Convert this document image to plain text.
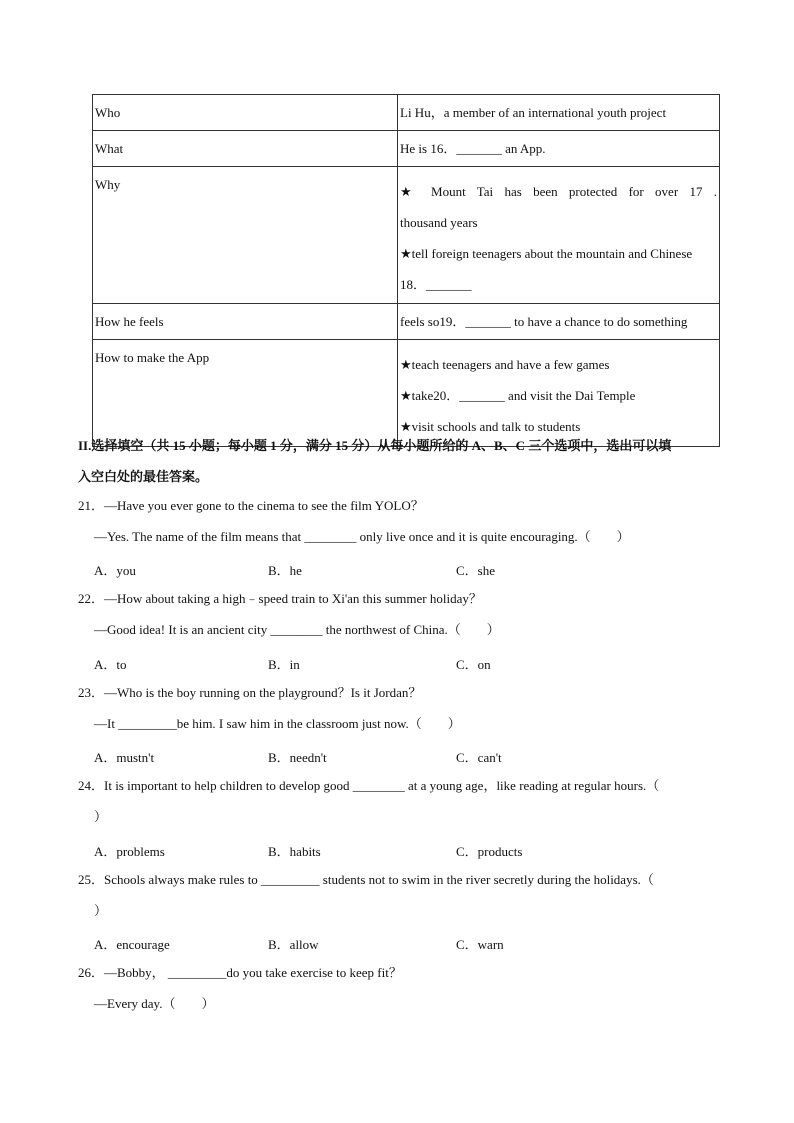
Who	Li Hu，a member of an international youth project
What	He is 16．_______ an App.
Why	★ Mount Tai has been protected for over 17 .
thousand years
★tell foreign teenagers about the mountain and Chinese
18．_______

How he feels	feels so19．_______ to have a chance to do something
How to make the App	★teach teenagers and have a few games
★take20．_______ and visit the Dai Temple
★visit schools and talk to students
II.选择填空（共 15 小题；每小题 1 分，满分 15 分）从每小题所给的 A、B、C 三个选项中，选出可以填
入空白处的最佳答案。
21．—Have you ever gone to the cinema to see the film YOLO？
—Yes. The name of the film means that ________ only live once and it is quite encouraging.（　　）
A．you	B．he	C．she
22．—How about taking a high﹣speed train to Xi'an this summer holiday？
—Good idea! It is an ancient city ________ the northwest of China.（　　）
A．to	B．in	C．on
23．—Who is the boy running on the playground？Is it Jordan？
—It _________be him. I saw him in the classroom just now.（　　）
A．mustn't	B．needn't	C．can't
24．It is important to help children to develop good ________ at a young age，like reading at regular hours.（
）
A．problems	B．habits	C．products
25．Schools always make rules to _________ students not to swim in the river secretly during the holidays.（
）
A．encourage	B．allow	C．warn
26．—Bobby， _________do you take exercise to keep fit？
—Every day.（　　）
